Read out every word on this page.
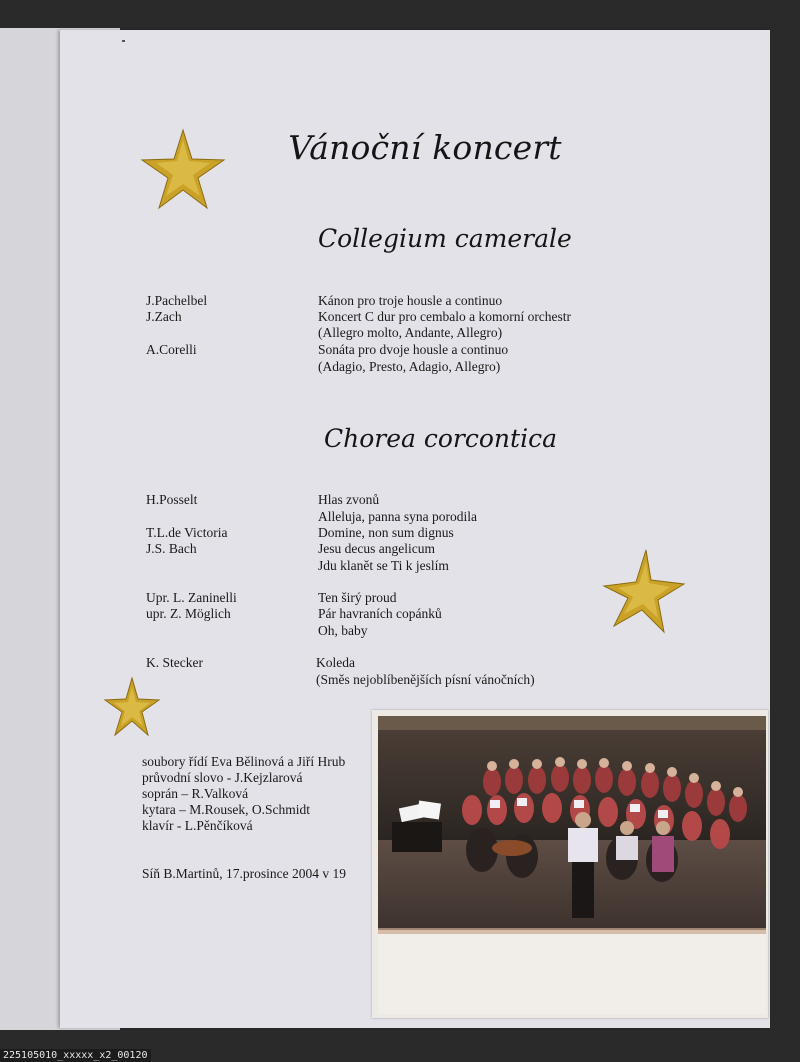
Vánoční koncert
Collegium camerale
J.Pachelbel	Kánon pro troje housle a continuo
J.Zach	Koncert C dur pro cembalo a komorní orchestr
(Allegro molto, Andante, Allegro)
A.Corelli	Sonáta pro dvoje housle a continuo
(Adagio, Presto, Adagio, Allegro)
Chorea corcontica
H.Posselt	Hlas zvonů
Alleluja, panna syna porodila
T.L.de Victoria	Domine, non sum dignus
J.S. Bach	Jesu decus angelicum
Jdu klanět se Ti k jeslím
Upr. L. Zaninelli	Ten širý proud
upr. Z. Möglich	Pár havraních copánků
Oh, baby
K. Stecker	Koleda
(Směs nejoblíbenějších písní vánočních)
soubory řídí Eva Bělinová a Jiří Hrub
průvodní slovo - J.Kejzlarová
soprán – R.Valková
kytara – M.Rousek, O.Schmidt
klavír - L.Pěnčíková
Síň B.Martinů, 17.prosince 2004 v 19
225105010_xxxxx_x2_00120
